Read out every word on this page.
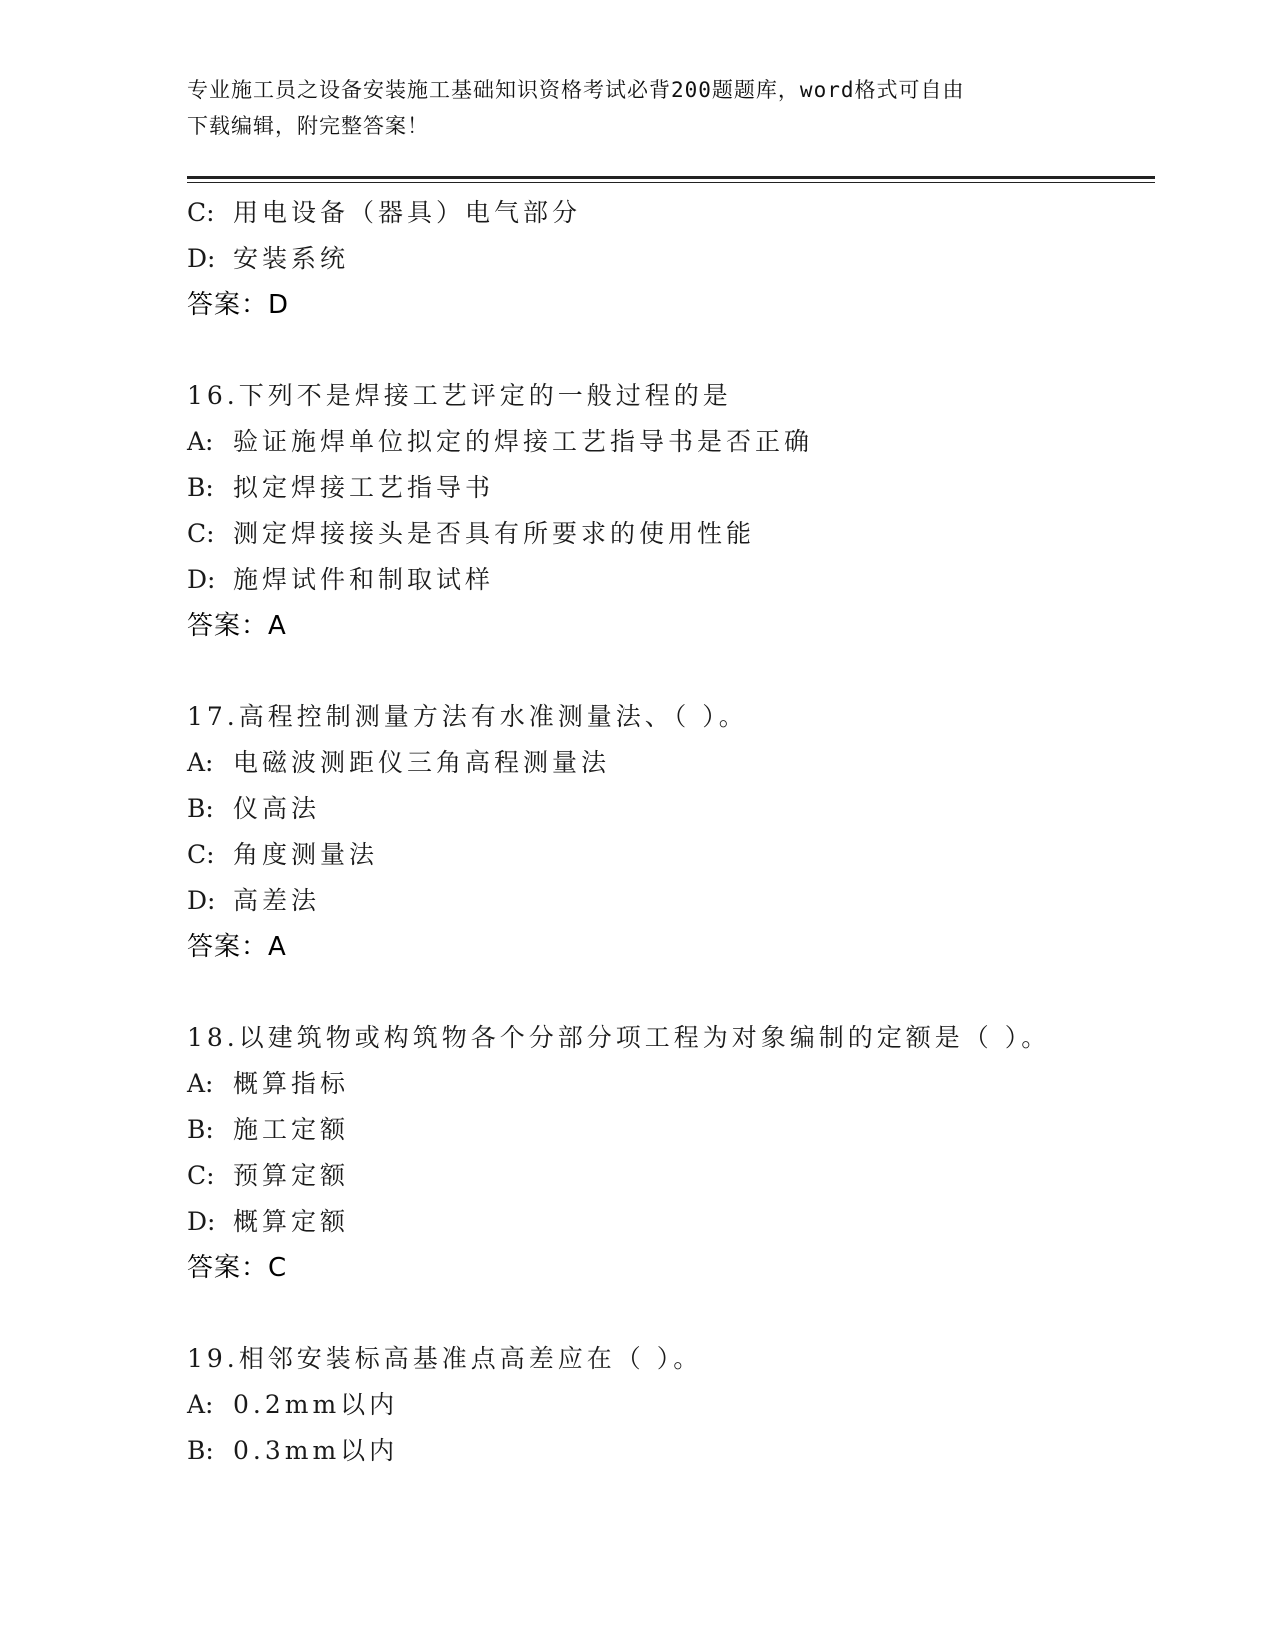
专业施工员之设备安装施工基础知识资格考试必背200题题库，word格式可自由
下载编辑，附完整答案！
C: 用电设备（器具）电气部分
D: 安装系统
答案：D
16.下列不是焊接工艺评定的一般过程的是
A: 验证施焊单位拟定的焊接工艺指导书是否正确
B: 拟定焊接工艺指导书
C: 测定焊接接头是否具有所要求的使用性能
D: 施焊试件和制取试样
答案：A
17.高程控制测量方法有水准测量法、（ ）。
A: 电磁波测距仪三角高程测量法
B: 仪高法
C: 角度测量法
D: 高差法
答案：A
18.以建筑物或构筑物各个分部分项工程为对象编制的定额是（ ）。
A: 概算指标
B: 施工定额
C: 预算定额
D: 概算定额
答案：C
19.相邻安装标高基准点高差应在（ ）。
A: 0.2mm以内
B: 0.3mm以内
